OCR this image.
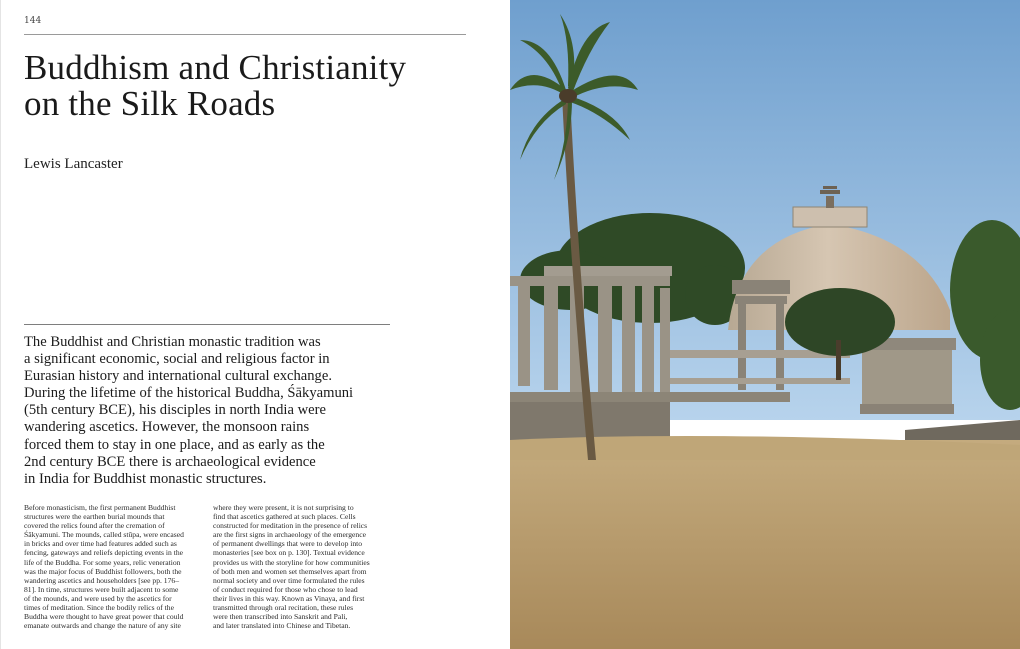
144
Buddhism and Christianity
on the Silk Roads
Lewis Lancaster
The Buddhist and Christian monastic tradition was
a significant economic, social and religious factor in
Eurasian history and international cultural exchange.
During the lifetime of the historical Buddha, Śākyamuni
(5th century BCE), his disciples in north India were
wandering ascetics. However, the monsoon rains
forced them to stay in one place, and as early as the
2nd century BCE there is archaeological evidence
in India for Buddhist monastic structures.
Before monasticism, the first permanent Buddhist
structures were the earthen burial mounds that
covered the relics found after the cremation of
Śākyamuni. The mounds, called stūpa, were encased
in bricks and over time had features added such as
fencing, gateways and reliefs depicting events in the
life of the Buddha. For some years, relic veneration
was the major focus of Buddhist followers, both the
wandering ascetics and householders [see pp. 176–
81]. In time, structures were built adjacent to some
of the mounds, and were used by the ascetics for
times of meditation. Since the bodily relics of the
Buddha were thought to have great power that could
emanate outwards and change the nature of any site
where they were present, it is not surprising to
find that ascetics gathered at such places. Cells
constructed for meditation in the presence of relics
are the first signs in archaeology of the emergence
of permanent dwellings that were to develop into
monasteries [see box on p. 130]. Textual evidence
provides us with the storyline for how communities
of both men and women set themselves apart from
normal society and over time formulated the rules
of conduct required for those who chose to lead
their lives in this way. Known as Vinaya, and first
transmitted through oral recitation, these rules
were then transcribed into Sanskrit and Pali,
and later translated into Chinese and Tibetan.
